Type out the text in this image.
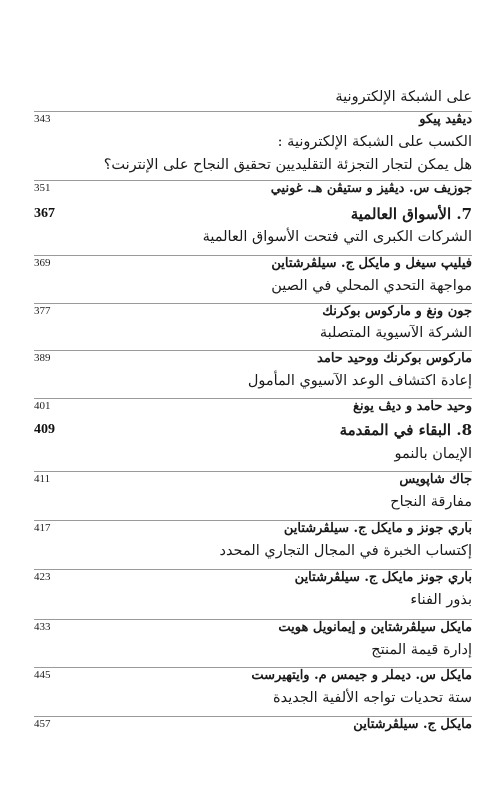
على الشبكة الإلكترونية
343	ديڤيد پيكو
الكسب على الشبكة الإلكترونية :
هل يمكن لتجار التجزئة التقليديين تحقيق النجاح على الإنترنت؟
351	جوزيف س. ديڤيز و ستيڤن هـ. غونيي
367	7. الأسواق العالمية
الشركات الكبرى التي فتحت الأسواق العالمية
369	فيليپ سيغل و مايكل ج. سيلڤرشتاين
مواجهة التحدي المحلي في الصين
377	جون ونغ و ماركوس بوكرنك
الشركة الآسيوية المتصلبة
389	ماركوس بوكرنك ووحيد حامد
إعادة اكتشاف الوعد الآسيوي المأمول
401	وحيد حامد و ديڤ يونغ
409	8. البقاء في المقدمة
الإيمان بالنمو
411	جاك شاپويس
مفارقة النجاح
417	باري جونز و مايكل ج. سيلڤرشتاين
إكتساب الخبرة في المجال التجاري المحدد
423	باري جونز مايكل ج. سيلڤرشتاين
بذور الفناء
433	مايكل سيلڤرشتاين و إيمانويل هويت
إدارة قيمة المنتج
445	مايكل س. ديملر و جيمس م. وايتهيرست
ستة تحديات تواجه الألفية الجديدة
457	مايكل ج. سيلڤرشتاين
